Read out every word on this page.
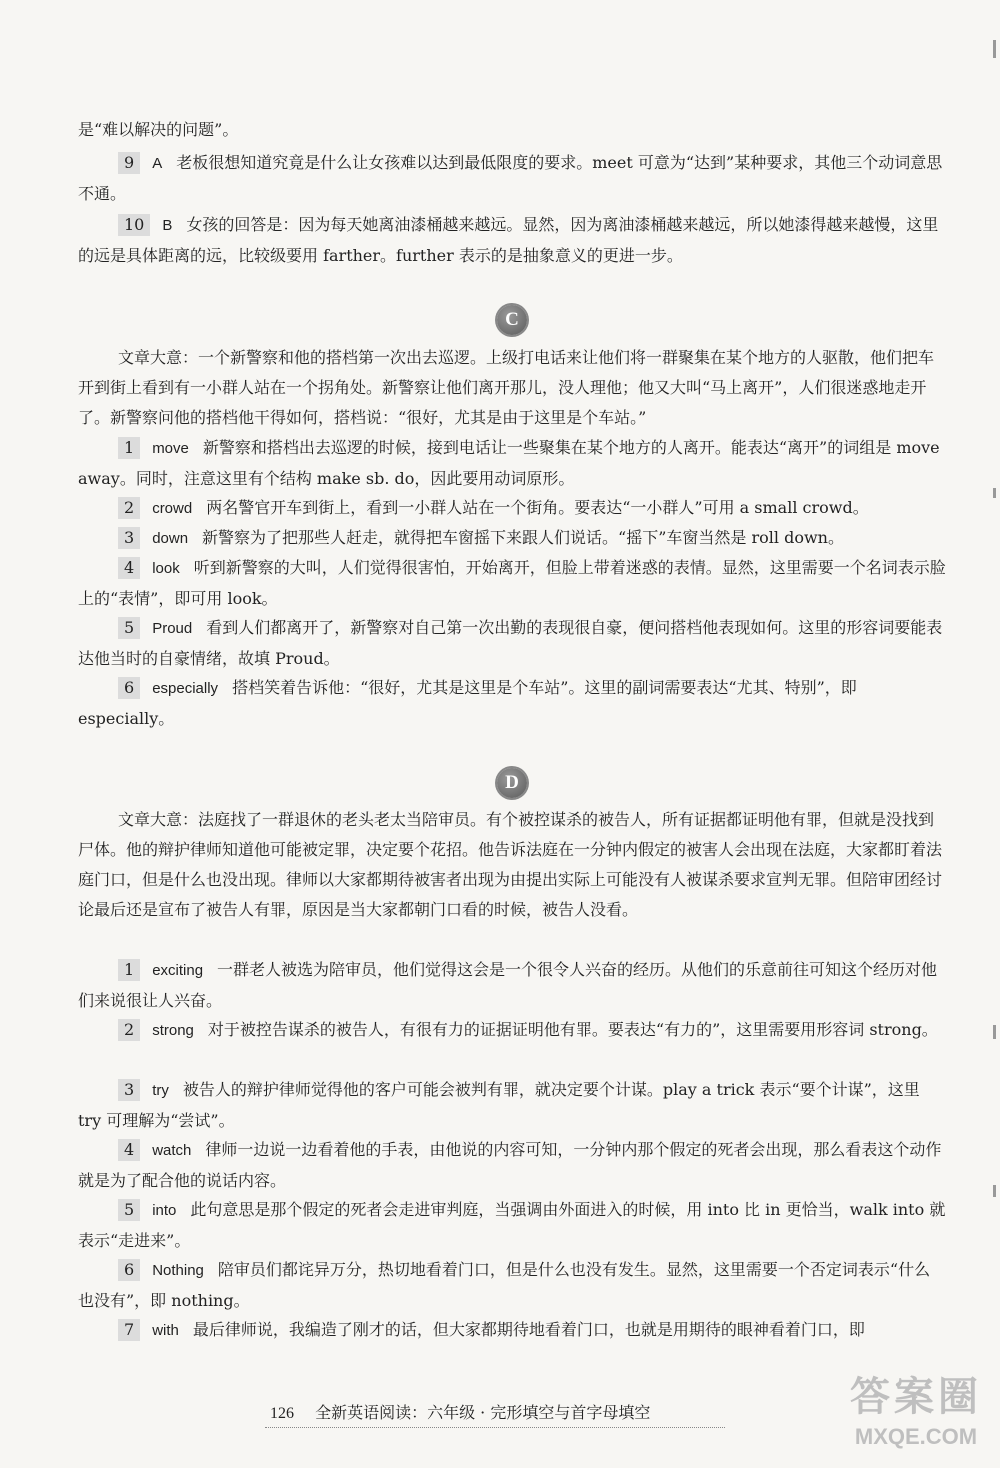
是“难以解决的问题”。

9 A 老板很想知道究竟是什么让女孩难以达到最低限度的要求。meet 可意为“达到”某种要求，其他三个动词意思不通。

10 B 女孩的回答是：因为每天她离油漆桶越来越远。显然，因为离油漆桶越来越远，所以她漆得越来越慢，这里的远是具体距离的远，比较级要用 farther。further 表示的是抽象意义的更进一步。

C

文章大意：一个新警察和他的搭档第一次出去巡逻。上级打电话来让他们将一群聚集在某个地方的人驱散，他们把车开到街上看到有一小群人站在一个拐角处。新警察让他们离开那儿，没人理他；他又大叫“马上离开”，人们很迷惑地走开了。新警察问他的搭档他干得如何，搭档说：“很好，尤其是由于这里是个车站。”

1 move 新警察和搭档出去巡逻的时候，接到电话让一些聚集在某个地方的人离开。能表达“离开”的词组是 move away。同时，注意这里有个结构 make sb. do，因此要用动词原形。

2 crowd 两名警官开车到街上，看到一小群人站在一个街角。要表达“一小群人”可用 a small crowd。

3 down 新警察为了把那些人赶走，就得把车窗摇下来跟人们说话。“摇下”车窗当然是 roll down。

4 look 听到新警察的大叫，人们觉得很害怕，开始离开，但脸上带着迷惑的表情。显然，这里需要一个名词表示脸上的“表情”，即可用 look。

5 Proud 看到人们都离开了，新警察对自己第一次出勤的表现很自豪，便问搭档他表现如何。这里的形容词要能表达他当时的自豪情绪，故填 Proud。

6 especially 搭档笑着告诉他：“很好，尤其是这里是个车站”。这里的副词需要表达“尤其、特别”，即 especially。

D

文章大意：法庭找了一群退休的老头老太当陪审员。有个被控谋杀的被告人，所有证据都证明他有罪，但就是没找到尸体。他的辩护律师知道他可能被定罪，决定要个花招。他告诉法庭在一分钟内假定的被害人会出现在法庭，大家都盯着法庭门口，但是什么也没出现。律师以大家都期待被害者出现为由提出实际上可能没有人被谋杀要求宣判无罪。但陪审团经讨论最后还是宣布了被告人有罪，原因是当大家都朝门口看的时候，被告人没看。

1 exciting 一群老人被选为陪审员，他们觉得这会是一个很令人兴奋的经历。从他们的乐意前往可知这个经历对他们来说很让人兴奋。

2 strong 对于被控告谋杀的被告人，有很有力的证据证明他有罪。要表达“有力的”，这里需要用形容词 strong。

3 try 被告人的辩护律师觉得他的客户可能会被判有罪，就决定要个计谋。play a trick 表示“要个计谋”，这里 try 可理解为“尝试”。

4 watch 律师一边说一边看着他的手表，由他说的内容可知，一分钟内那个假定的死者会出现，那么看表这个动作就是为了配合他的说话内容。

5 into 此句意思是那个假定的死者会走进审判庭，当强调由外面进入的时候，用 into 比 in 更恰当，walk into 就表示“走进来”。

6 Nothing 陪审员们都诧异万分，热切地看着门口，但是什么也没有发生。显然，这里需要一个否定词表示“什么也没有”，即 nothing。

7 with 最后律师说，我编造了刚才的话，但大家都期待地看着门口，也就是用期待的眼神看着门口，即

126 全新英语阅读：六年级 · 完形填空与首字母填空	答案圈
MXQE.COM
